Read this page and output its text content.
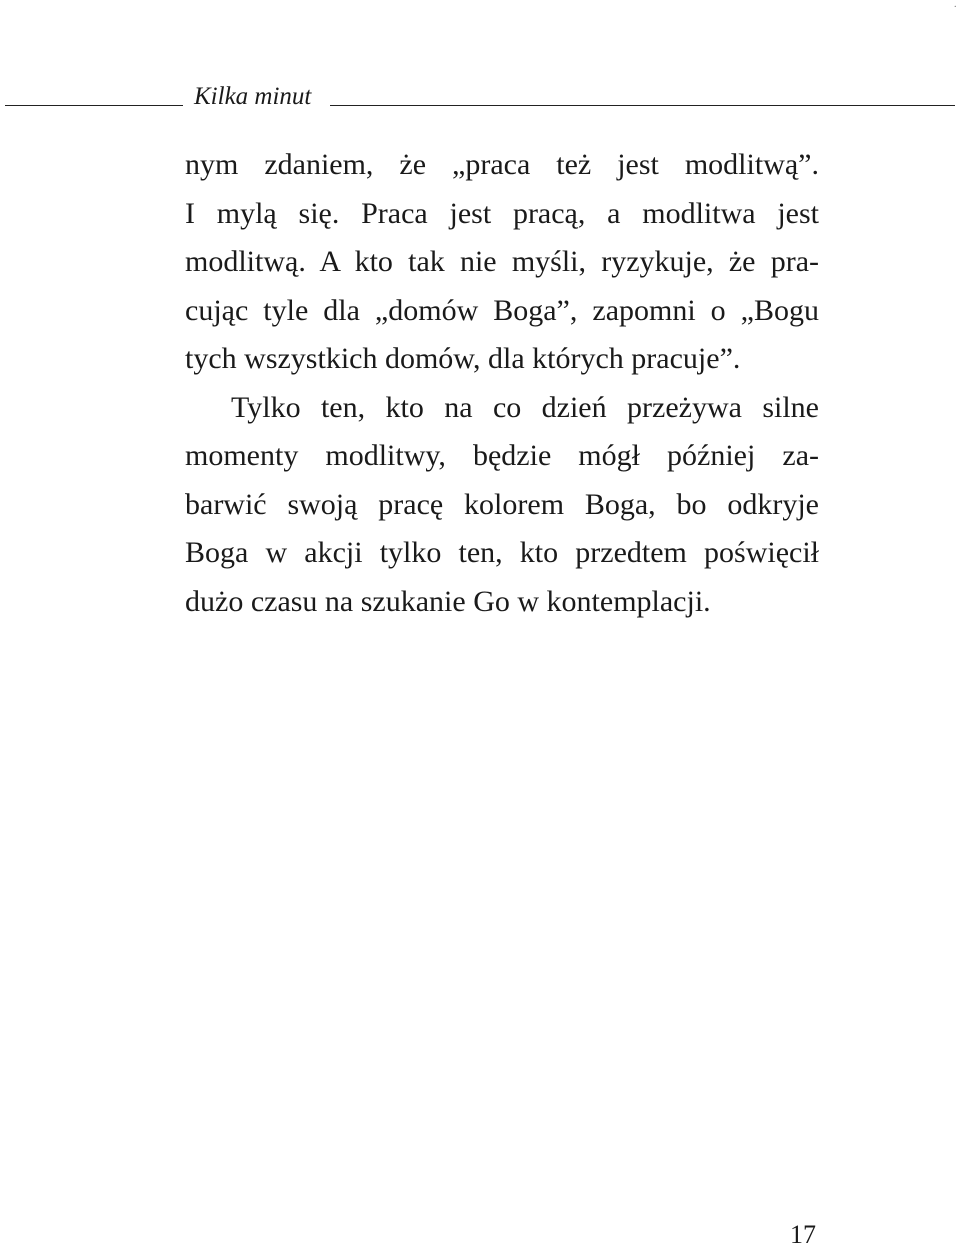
.
Kilka minut
nym zdaniem, że „praca też jest modlitwą”.
I mylą się. Praca jest pracą, a modlitwa jest
modlitwą. A kto tak nie myśli, ryzykuje, że pra-
cując tyle dla „domów Boga”, zapomni o „Bogu
tych wszystkich domów, dla których pracuje”.
Tylko ten, kto na co dzień przeżywa silne
momenty modlitwy, będzie mógł później za-
barwić swoją pracę kolorem Boga, bo odkryje
Boga w akcji tylko ten, kto przedtem poświęcił
dużo czasu na szukanie Go w kontemplacji.
17
